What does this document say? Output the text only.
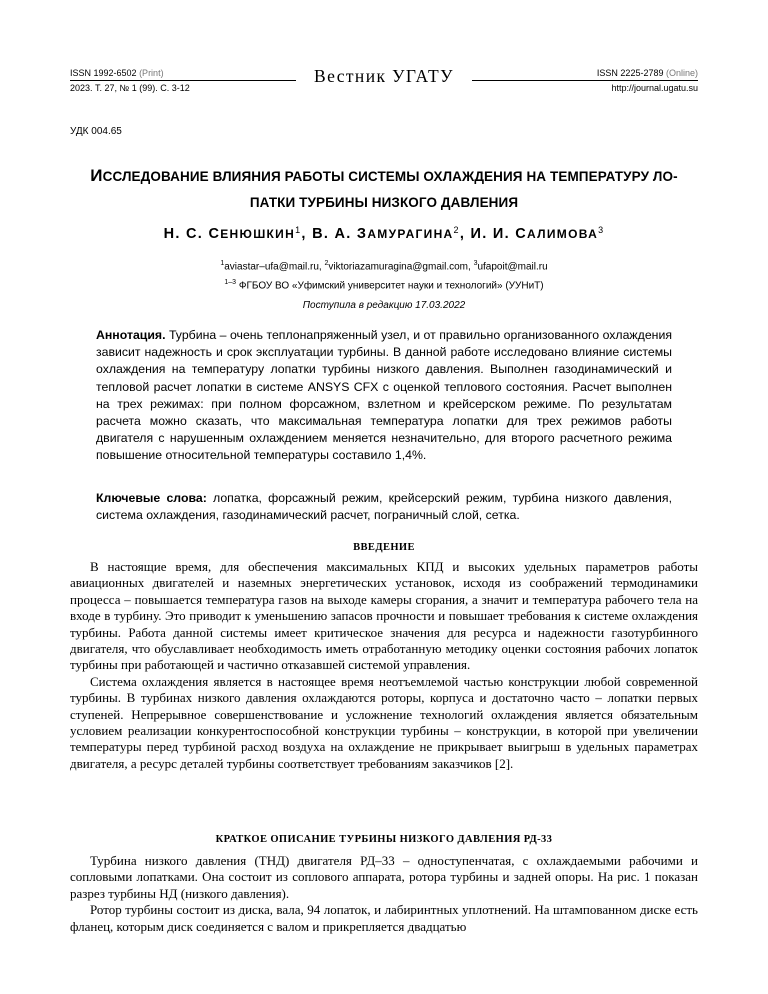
ISSN 1992-6502 (Print)
2023. Т. 27, № 1 (99). С. 3-12
Вестник УГАТУ	ISSN 2225-2789 (Online)
http://journal.ugatu.su
УДК 004.65
ИССЛЕДОВАНИЕ ВЛИЯНИЯ РАБОТЫ СИСТЕМЫ ОХЛАЖДЕНИЯ НА ТЕМПЕРАТУРУ ЛО-
ПАТКИ ТУРБИНЫ НИЗКОГО ДАВЛЕНИЯ
Н. С. СЕНЮШКИН$^1$, В. А. ЗАМУРАГИНА$^2$, И. И. САЛИМОВА$^3$
$^1$aviastar–ufa@mail.ru, $^2$viktoriazamuragina@gmail.com, $^3$ufapoit@mail.ru
$^{1-3}$ ФГБОУ ВО «Уфимский университет науки и технологий» (УУНиТ)
Поступила в редакцию 17.03.2022
Аннотация. Турбина – очень теплонапряженный узел, и от правильно организованного охлаждения зависит надежность и срок эксплуатации турбины. В данной работе исследовано влияние системы охлаждения на температуру лопатки турбины низкого давления. Выполнен газодинамический и тепловой расчет лопатки в системе ANSYS CFX с оценкой теплового состояния. Расчет выполнен на трех режимах: при полном форсажном, взлетном и крейсерском режиме. По результатам расчета можно сказать, что максимальная температура лопатки для трех режимов работы двигателя с нарушенным охлаждением меняется незначительно, для второго расчетного режима повышение относительной температуры составило 1,4%.
Ключевые слова: лопатка, форсажный режим, крейсерский режим, турбина низкого давления, система охлаждения, газодинамический расчет, пограничный слой, сетка.
ВВЕДЕНИЕ

В настоящие время, для обеспечения максимальных КПД и высоких удельных параметров работы авиационных двигателей и наземных энергетических установок, исходя из соображений термодинамики процесса – повышается температура газов на выходе камеры сгорания, а значит и температура рабочего тела на входе в турбину. Это приводит к уменьшению запасов прочности и повышает требования к системе охлаждения турбины. Работа данной системы имеет критическое значения для ресурса и надежности газотурбинного двигателя, что обуславливает необходимость иметь отработанную методику оценки состояния рабочих лопаток турбины при работающей и частично отказавшей системой управления.

Система охлаждения является в настоящее время неотъемлемой частью конструкции любой современной турбины. В турбинах низкого давления охлаждаются роторы, корпуса и достаточно часто – лопатки первых ступеней. Непрерывное совершенствование и усложнение технологий охлаждения является обязательным условием реализации конкурентоспособной конструкции турбины – конструкции, в которой при увеличении температуры перед турбиной расход воздуха на охлаждение не прикрывает выигрыш в удельных параметрах двигателя, а ресурс деталей турбины соответствует требованиям заказчиков [2].

КРАТКОЕ ОПИСАНИЕ ТУРБИНЫ НИЗКОГО ДАВЛЕНИЯ РД-33

Турбина низкого давления (ТНД) двигателя РД–33 – одноступенчатая, с охлаждаемыми рабочими и сопловыми лопатками. Она состоит из соплового аппарата, ротора турбины и задней опоры. На рис. 1 показан разрез турбины НД (низкого давления).

Ротор турбины состоит из диска, вала, 94 лопаток, и лабиринтных уплотнений. На штампованном диске есть фланец, которым диск соединяется с валом и прикрепляется двадцатью
